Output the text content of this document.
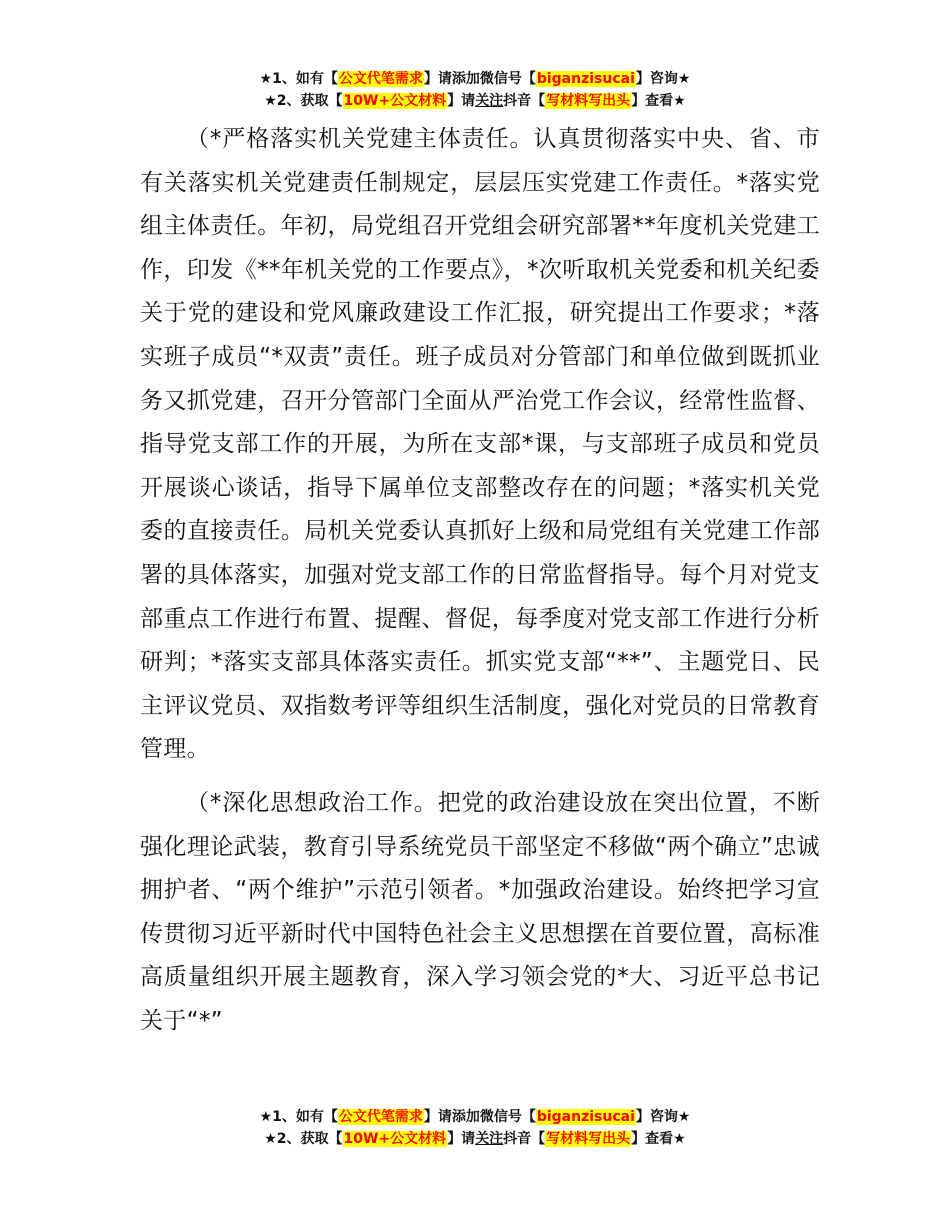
★1、如有【公文代笔需求】请添加微信号【biganzisucai】咨询★
★2、获取【10W+公文材料】请关注抖音【写材料写出头】查看★

（*严格落实机关党建主体责任。认真贯彻落实中央、省、市有关落实机关党建责任制规定，层层压实党建工作责任。*落实党组主体责任。年初，局党组召开党组会研究部署**年度机关党建工作，印发《**年机关党的工作要点》，*次听取机关党委和机关纪委关于党的建设和党风廉政建设工作汇报，研究提出工作要求；*落实班子成员“*双责”责任。班子成员对分管部门和单位做到既抓业务又抓党建，召开分管部门全面从严治党工作会议，经常性监督、指导党支部工作的开展，为所在支部*课，与支部班子成员和党员开展谈心谈话，指导下属单位支部整改存在的问题；*落实机关党委的直接责任。局机关党委认真抓好上级和局党组有关党建工作部署的具体落实，加强对党支部工作的日常监督指导。每个月对党支部重点工作进行布置、提醒、督促，每季度对党支部工作进行分析研判；*落实支部具体落实责任。抓实党支部“**”、主题党日、民主评议党员、双指数考评等组织生活制度，强化对党员的日常教育管理。

（*深化思想政治工作。把党的政治建设放在突出位置，不断强化理论武装，教育引导系统党员干部坚定不移做“两个确立”忠诚拥护者、“两个维护”示范引领者。*加强政治建设。始终把学习宣传贯彻习近平新时代中国特色社会主义思想摆在首要位置，高标准高质量组织开展主题教育，深入学习领会党的*大、习近平总书记关于“*”

★1、如有【公文代笔需求】请添加微信号【biganzisucai】咨询★
★2、获取【10W+公文材料】请关注抖音【写材料写出头】查看★
